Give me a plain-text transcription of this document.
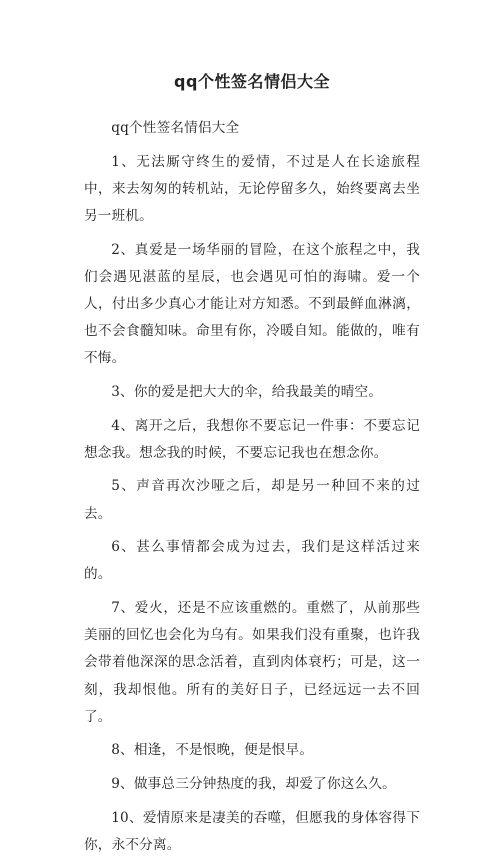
qq个性签名情侣大全

qq个性签名情侣大全

1、无法厮守终生的爱情，不过是人在长途旅程中，来去匆匆的转机站，无论停留多久，始终要离去坐另一班机。

2、真爱是一场华丽的冒险，在这个旅程之中，我们会遇见湛蓝的星辰，也会遇见可怕的海啸。爱一个人，付出多少真心才能让对方知悉。不到最鲜血淋漓，也不会食髓知味。命里有你，冷暖自知。能做的，唯有不悔。

3、你的爱是把大大的伞，给我最美的晴空。

4、离开之后，我想你不要忘记一件事：不要忘记想念我。想念我的时候，不要忘记我也在想念你。

5、声音再次沙哑之后，却是另一种回不来的过去。

6、甚么事情都会成为过去，我们是这样活过来的。

7、爱火，还是不应该重燃的。重燃了，从前那些美丽的回忆也会化为乌有。如果我们没有重聚，也许我会带着他深深的思念活着，直到肉体衰朽；可是，这一刻，我却恨他。所有的美好日子，已经远远一去不回了。

8、相逢，不是恨晚，便是恨早。

9、做事总三分钟热度的我，却爱了你这么久。

10、爱情原来是凄美的吞噬，但愿我的身体容得下你，永不分离。
